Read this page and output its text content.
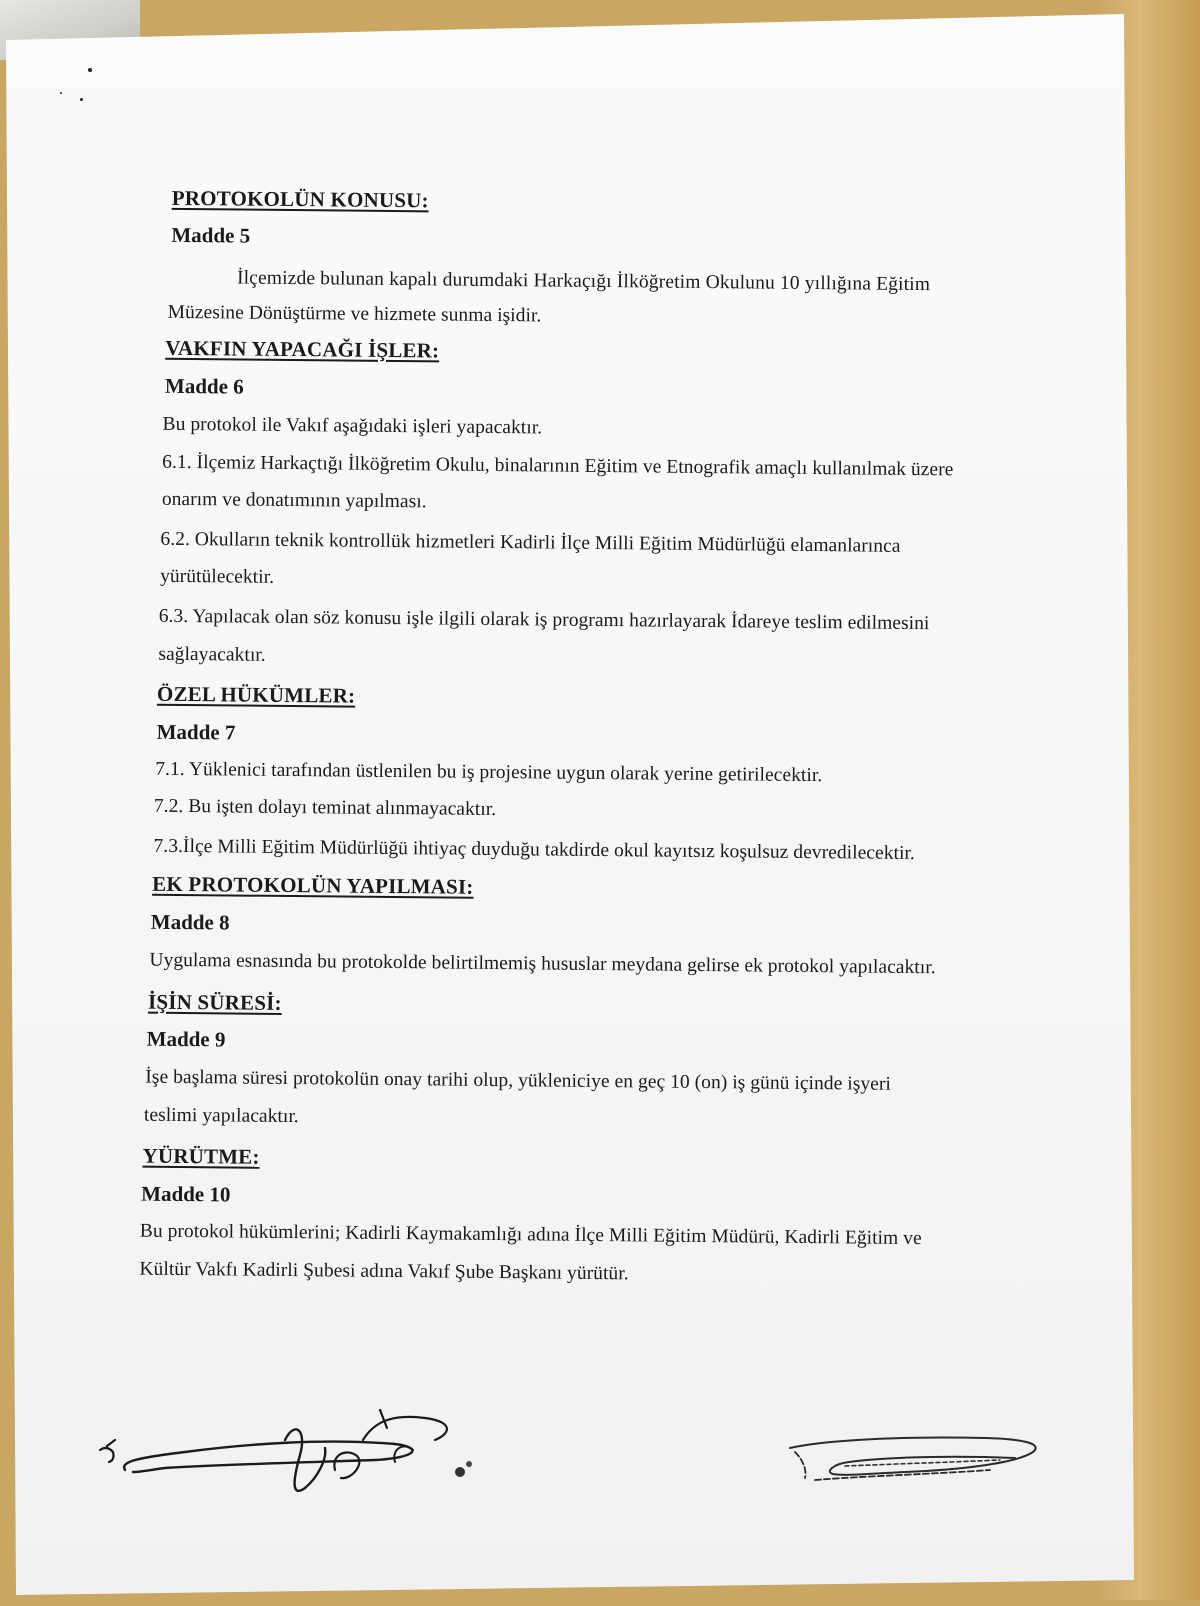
PROTOKOLÜN KONUSU:
Madde 5
İlçemizde bulunan kapalı durumdaki Harkaçığı İlköğretim Okulunu 10 yıllığına Eğitim
Müzesine Dönüştürme ve hizmete sunma işidir.
VAKFIN YAPACAĞI İŞLER:
Madde 6
Bu protokol ile Vakıf aşağıdaki işleri yapacaktır.
6.1. İlçemiz Harkaçtığı İlköğretim Okulu, binalarının Eğitim ve Etnografik amaçlı kullanılmak üzere
onarım ve donatımının yapılması.
6.2. Okulların teknik kontrollük hizmetleri Kadirli İlçe Milli Eğitim Müdürlüğü elamanlarınca
yürütülecektir.
6.3. Yapılacak olan söz konusu işle ilgili olarak iş programı hazırlayarak İdareye teslim edilmesini
sağlayacaktır.
ÖZEL HÜKÜMLER:
Madde 7
7.1. Yüklenici tarafından üstlenilen bu iş projesine uygun olarak yerine getirilecektir.
7.2. Bu işten dolayı teminat alınmayacaktır.
7.3.İlçe Milli Eğitim Müdürlüğü ihtiyaç duyduğu takdirde okul kayıtsız koşulsuz devredilecektir.
EK PROTOKOLÜN YAPILMASI:
Madde 8
Uygulama esnasında bu protokolde belirtilmemiş hususlar meydana gelirse ek protokol yapılacaktır.
İŞİN SÜRESİ:
Madde 9
İşe başlama süresi protokolün onay tarihi olup, yükleniciye en geç 10 (on) iş günü içinde işyeri
teslimi yapılacaktır.
YÜRÜTME:
Madde 10
Bu protokol hükümlerini; Kadirli Kaymakamlığı adına İlçe Milli Eğitim Müdürü, Kadirli Eğitim ve
Kültür Vakfı Kadirli Şubesi adına Vakıf Şube Başkanı yürütür.
